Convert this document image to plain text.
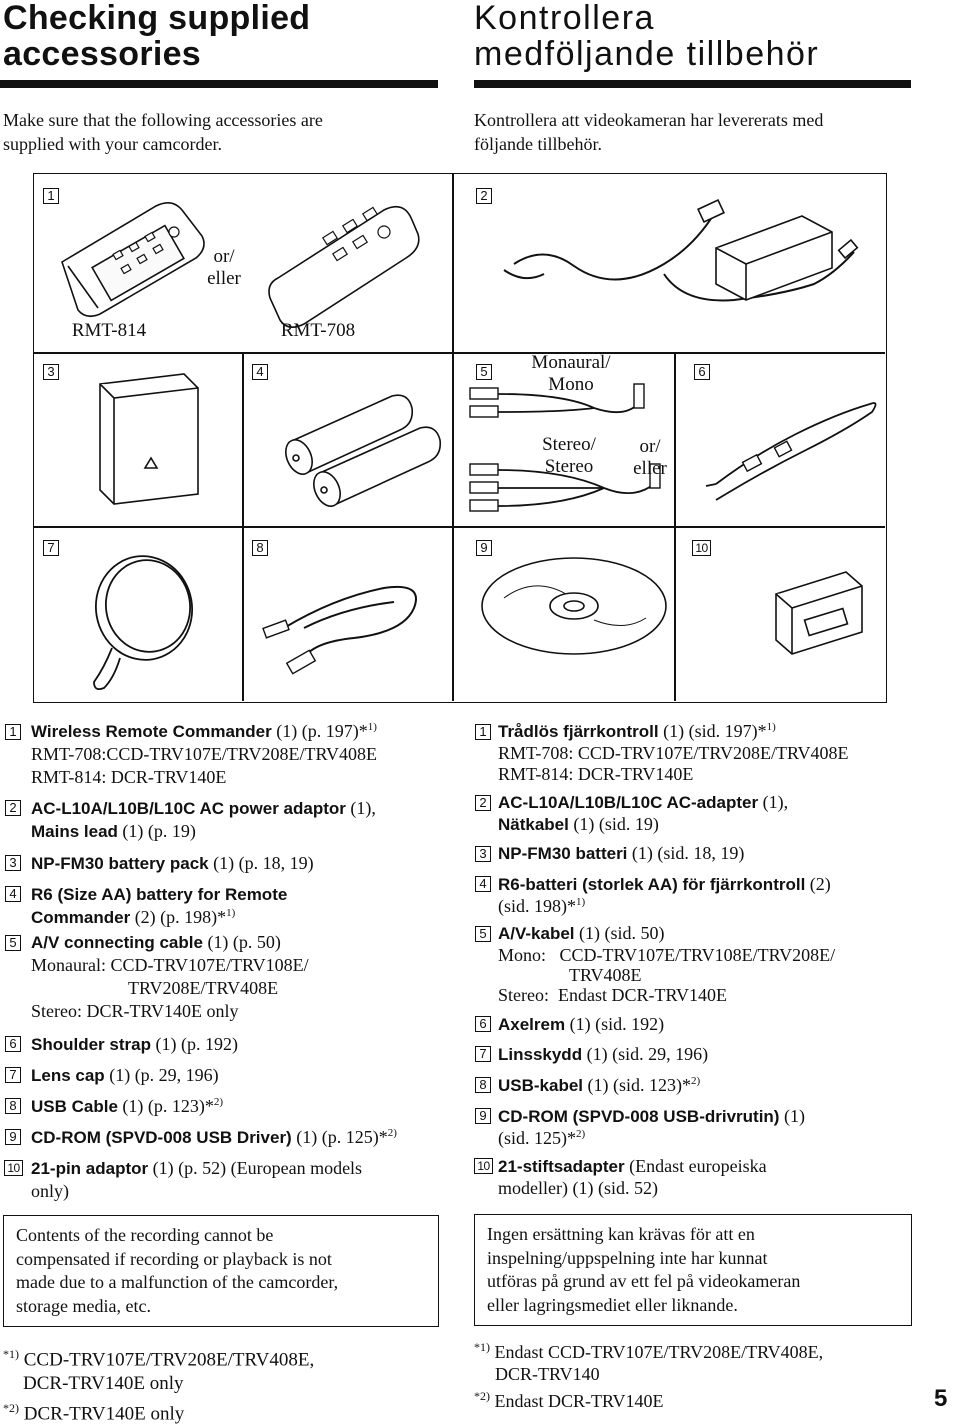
Checking supplied
accessories
Kontrollera
medföljande tillbehör
Make sure that the following accessories are
supplied with your camcorder.
Kontrollera att videokameran har levererats med
följande tillbehör.
1	2
3	4	5	6
7	8	9	10
or/
eller
RMT-814	RMT-708
Monaural/
Mono
Stereo/
Stereo
or/
eller
1 Wireless Remote Commander (1) (p. 197)*$^{1)}$
RMT-708:CCD-TRV107E/TRV208E/TRV408E
RMT-814: DCR-TRV140E
2 AC-L10A/L10B/L10C AC power adaptor (1),
Mains lead (1) (p. 19)
3 NP-FM30 battery pack (1) (p. 18, 19)
4 R6 (Size AA) battery for Remote
Commander (2) (p. 198)*$^{1)}$
5 A/V connecting cable (1) (p. 50)
Monaural: CCD-TRV107E/TRV108E/
TRV208E/TRV408E
Stereo: DCR-TRV140E only
6 Shoulder strap (1) (p. 192)
7 Lens cap (1) (p. 29, 196)
8 USB Cable (1) (p. 123)*$^{2)}$
9 CD-ROM (SPVD-008 USB Driver) (1) (p. 125)*$^{2)}$
10 21-pin adaptor (1) (p. 52) (European models
only)
1 Trådlös fjärrkontroll (1) (sid. 197)*$^{1)}$
RMT-708: CCD-TRV107E/TRV208E/TRV408E
RMT-814: DCR-TRV140E
2 AC-L10A/L10B/L10C AC-adapter (1),
Nätkabel (1) (sid. 19)
3 NP-FM30 batteri (1) (sid. 18, 19)
4 R6-batteri (storlek AA) för fjärrkontroll (2)
(sid. 198)*$^{1)}$
5 A/V-kabel (1) (sid. 50)
Mono:   CCD-TRV107E/TRV108E/TRV208E/
TRV408E
Stereo:  Endast DCR-TRV140E
6 Axelrem (1) (sid. 192)
7 Linsskydd (1) (sid. 29, 196)
8 USB-kabel (1) (sid. 123)*$^{2)}$
9 CD-ROM (SPVD-008 USB-drivrutin) (1)
(sid. 125)*$^{2)}$
10 21-stiftsadapter (Endast europeiska
modeller) (1) (sid. 52)
Contents of the recording cannot be
compensated if recording or playback is not
made due to a malfunction of the camcorder,
storage media, etc.
Ingen ersättning kan krävas för att en
inspelning/uppspelning inte har kunnat
utföras på grund av ett fel på videokameran
eller lagringsmediet eller liknande.
$^{*1)}$ CCD-TRV107E/TRV208E/TRV408E,
DCR-TRV140E only
$^{*2)}$ DCR-TRV140E only
$^{*1)}$ Endast CCD-TRV107E/TRV208E/TRV408E,
DCR-TRV140
$^{*2)}$ Endast DCR-TRV140E	5
